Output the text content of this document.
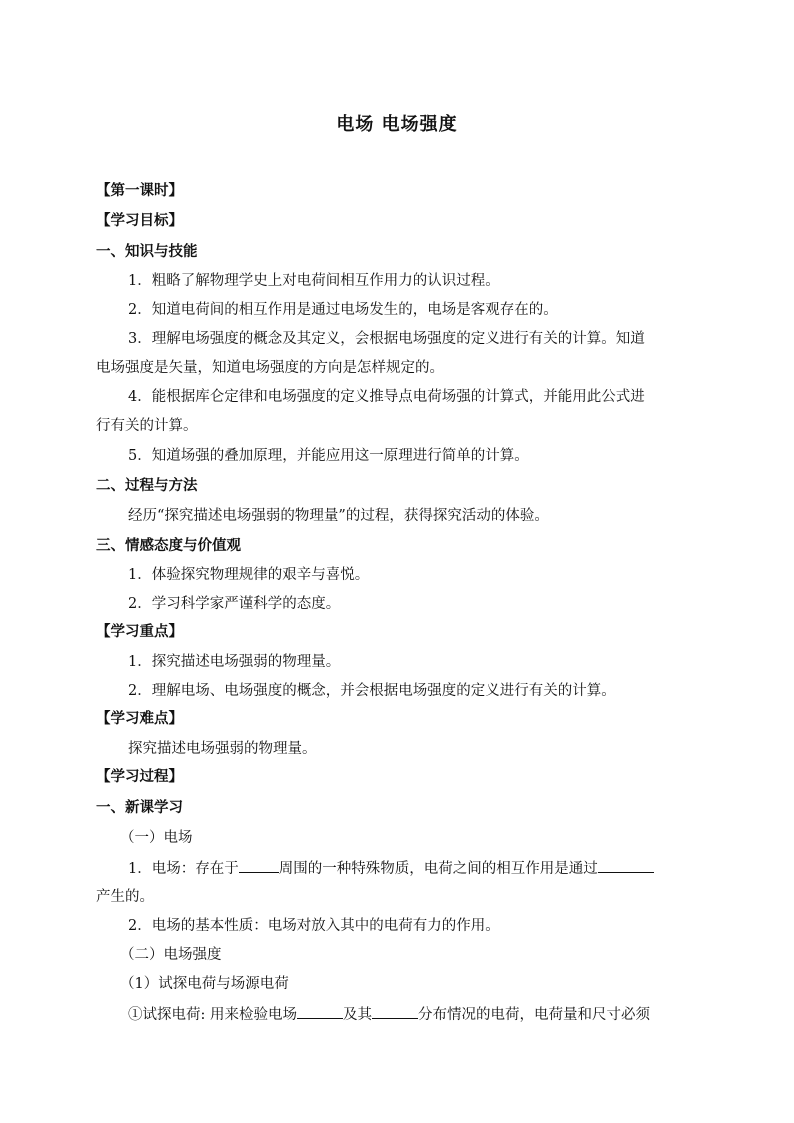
电场 电场强度
【第一课时】
【学习目标】
一、知识与技能
1．粗略了解物理学史上对电荷间相互作用力的认识过程。
2．知道电荷间的相互作用是通过电场发生的，电场是客观存在的。
3．理解电场强度的概念及其定义，会根据电场强度的定义进行有关的计算。知道
电场强度是矢量，知道电场强度的方向是怎样规定的。
4．能根据库仑定律和电场强度的定义推导点电荷场强的计算式，并能用此公式进
行有关的计算。
5．知道场强的叠加原理，并能应用这一原理进行简单的计算。
二、过程与方法
经历“探究描述电场强弱的物理量”的过程，获得探究活动的体验。
三、情感态度与价值观
1．体验探究物理规律的艰辛与喜悦。
2．学习科学家严谨科学的态度。
【学习重点】
1．探究描述电场强弱的物理量。
2．理解电场、电场强度的概念，并会根据电场强度的定义进行有关的计算。
【学习难点】
探究描述电场强弱的物理量。
【学习过程】
一、新课学习
（一）电场
1．电场：存在于	周围的一种特殊物质，电荷之间的相互作用是通过
产生的。
2．电场的基本性质：电场对放入其中的电荷有力的作用。
（二）电场强度
（1）试探电荷与场源电荷
①试探电荷: 用来检验电场	及其	分布情况的电荷，电荷量和尺寸必须
